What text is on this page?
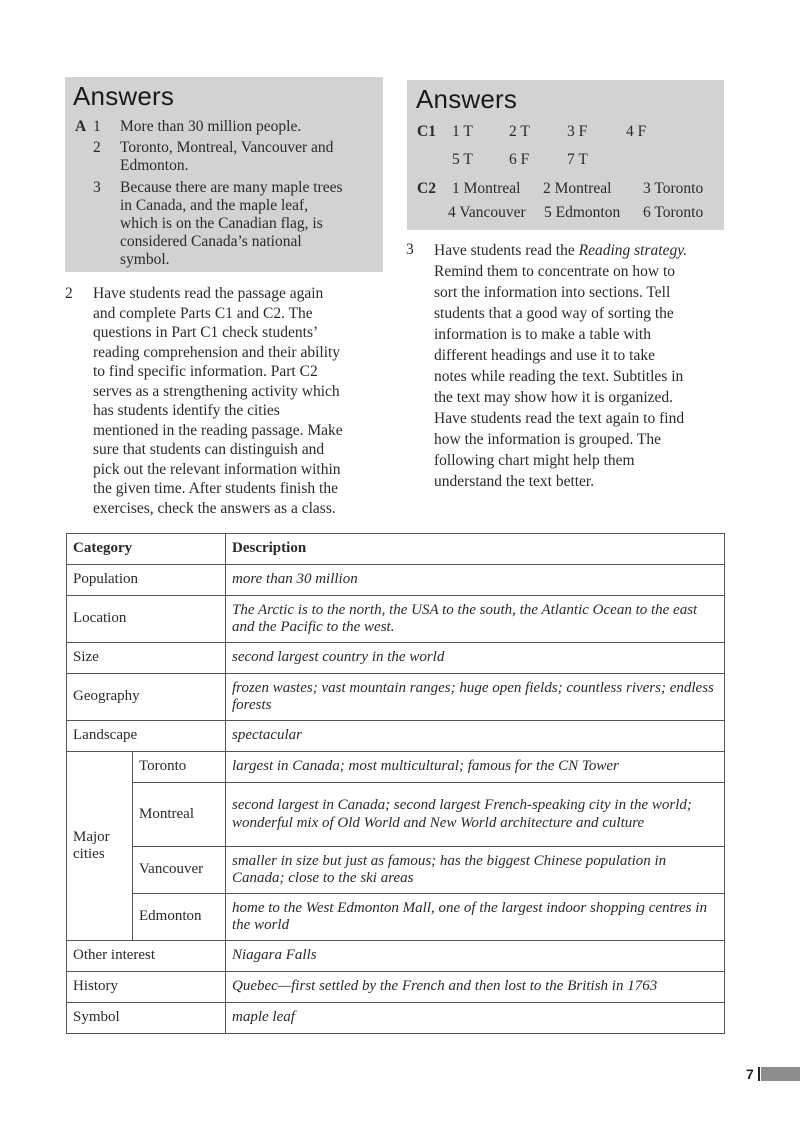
Answers
A 1 More than 30 million people.
2 Toronto, Montreal, Vancouver and
Edmonton.
3 Because there are many maple trees
in Canada, and the maple leaf,
which is on the Canadian flag, is
considered Canada’s national
symbol.
Answers
C1 1 T 2 T 3 F	4 F
5 T 6 F 7 T
C2 1 Montreal 2 Montreal 3 Toronto
4 Vancouver 5 Edmonton 6 Toronto
2 Have students read the passage again
and complete Parts C1 and C2. The
questions in Part C1 check students’
reading comprehension and their ability
to find specific information. Part C2
serves as a strengthening activity which
has students identify the cities
mentioned in the reading passage. Make
sure that students can distinguish and
pick out the relevant information within
the given time. After students finish the
exercises, check the answers as a class.
3 Have students read the Reading strategy.
Remind them to concentrate on how to
sort the information into sections. Tell
students that a good way of sorting the
information is to make a table with
different headings and use it to take
notes while reading the text. Subtitles in
the text may show how it is organized.
Have students read the text again to find
how the information is grouped. The
following chart might help them
understand the text better.
Category		Description
Population		more than 30 million
Location		The Arctic is to the north, the USA to the south, the Atlantic Ocean to the east and the Pacific to the west.
Size		second largest country in the world
Geography		frozen wastes; vast mountain ranges; huge open fields; countless rivers; endless forests
Landscape		spectacular
Major cities	Toronto	largest in Canada; most multicultural; famous for the CN Tower
	Montreal	second largest in Canada; second largest French-speaking city in the world; wonderful mix of Old World and New World architecture and culture
	Vancouver	smaller in size but just as famous; has the biggest Chinese population in Canada; close to the ski areas
	Edmonton	home to the West Edmonton Mall, one of the largest indoor shopping centres in the world
Other interest		Niagara Falls
History		Quebec—first settled by the French and then lost to the British in 1763
Symbol		maple leaf
7
